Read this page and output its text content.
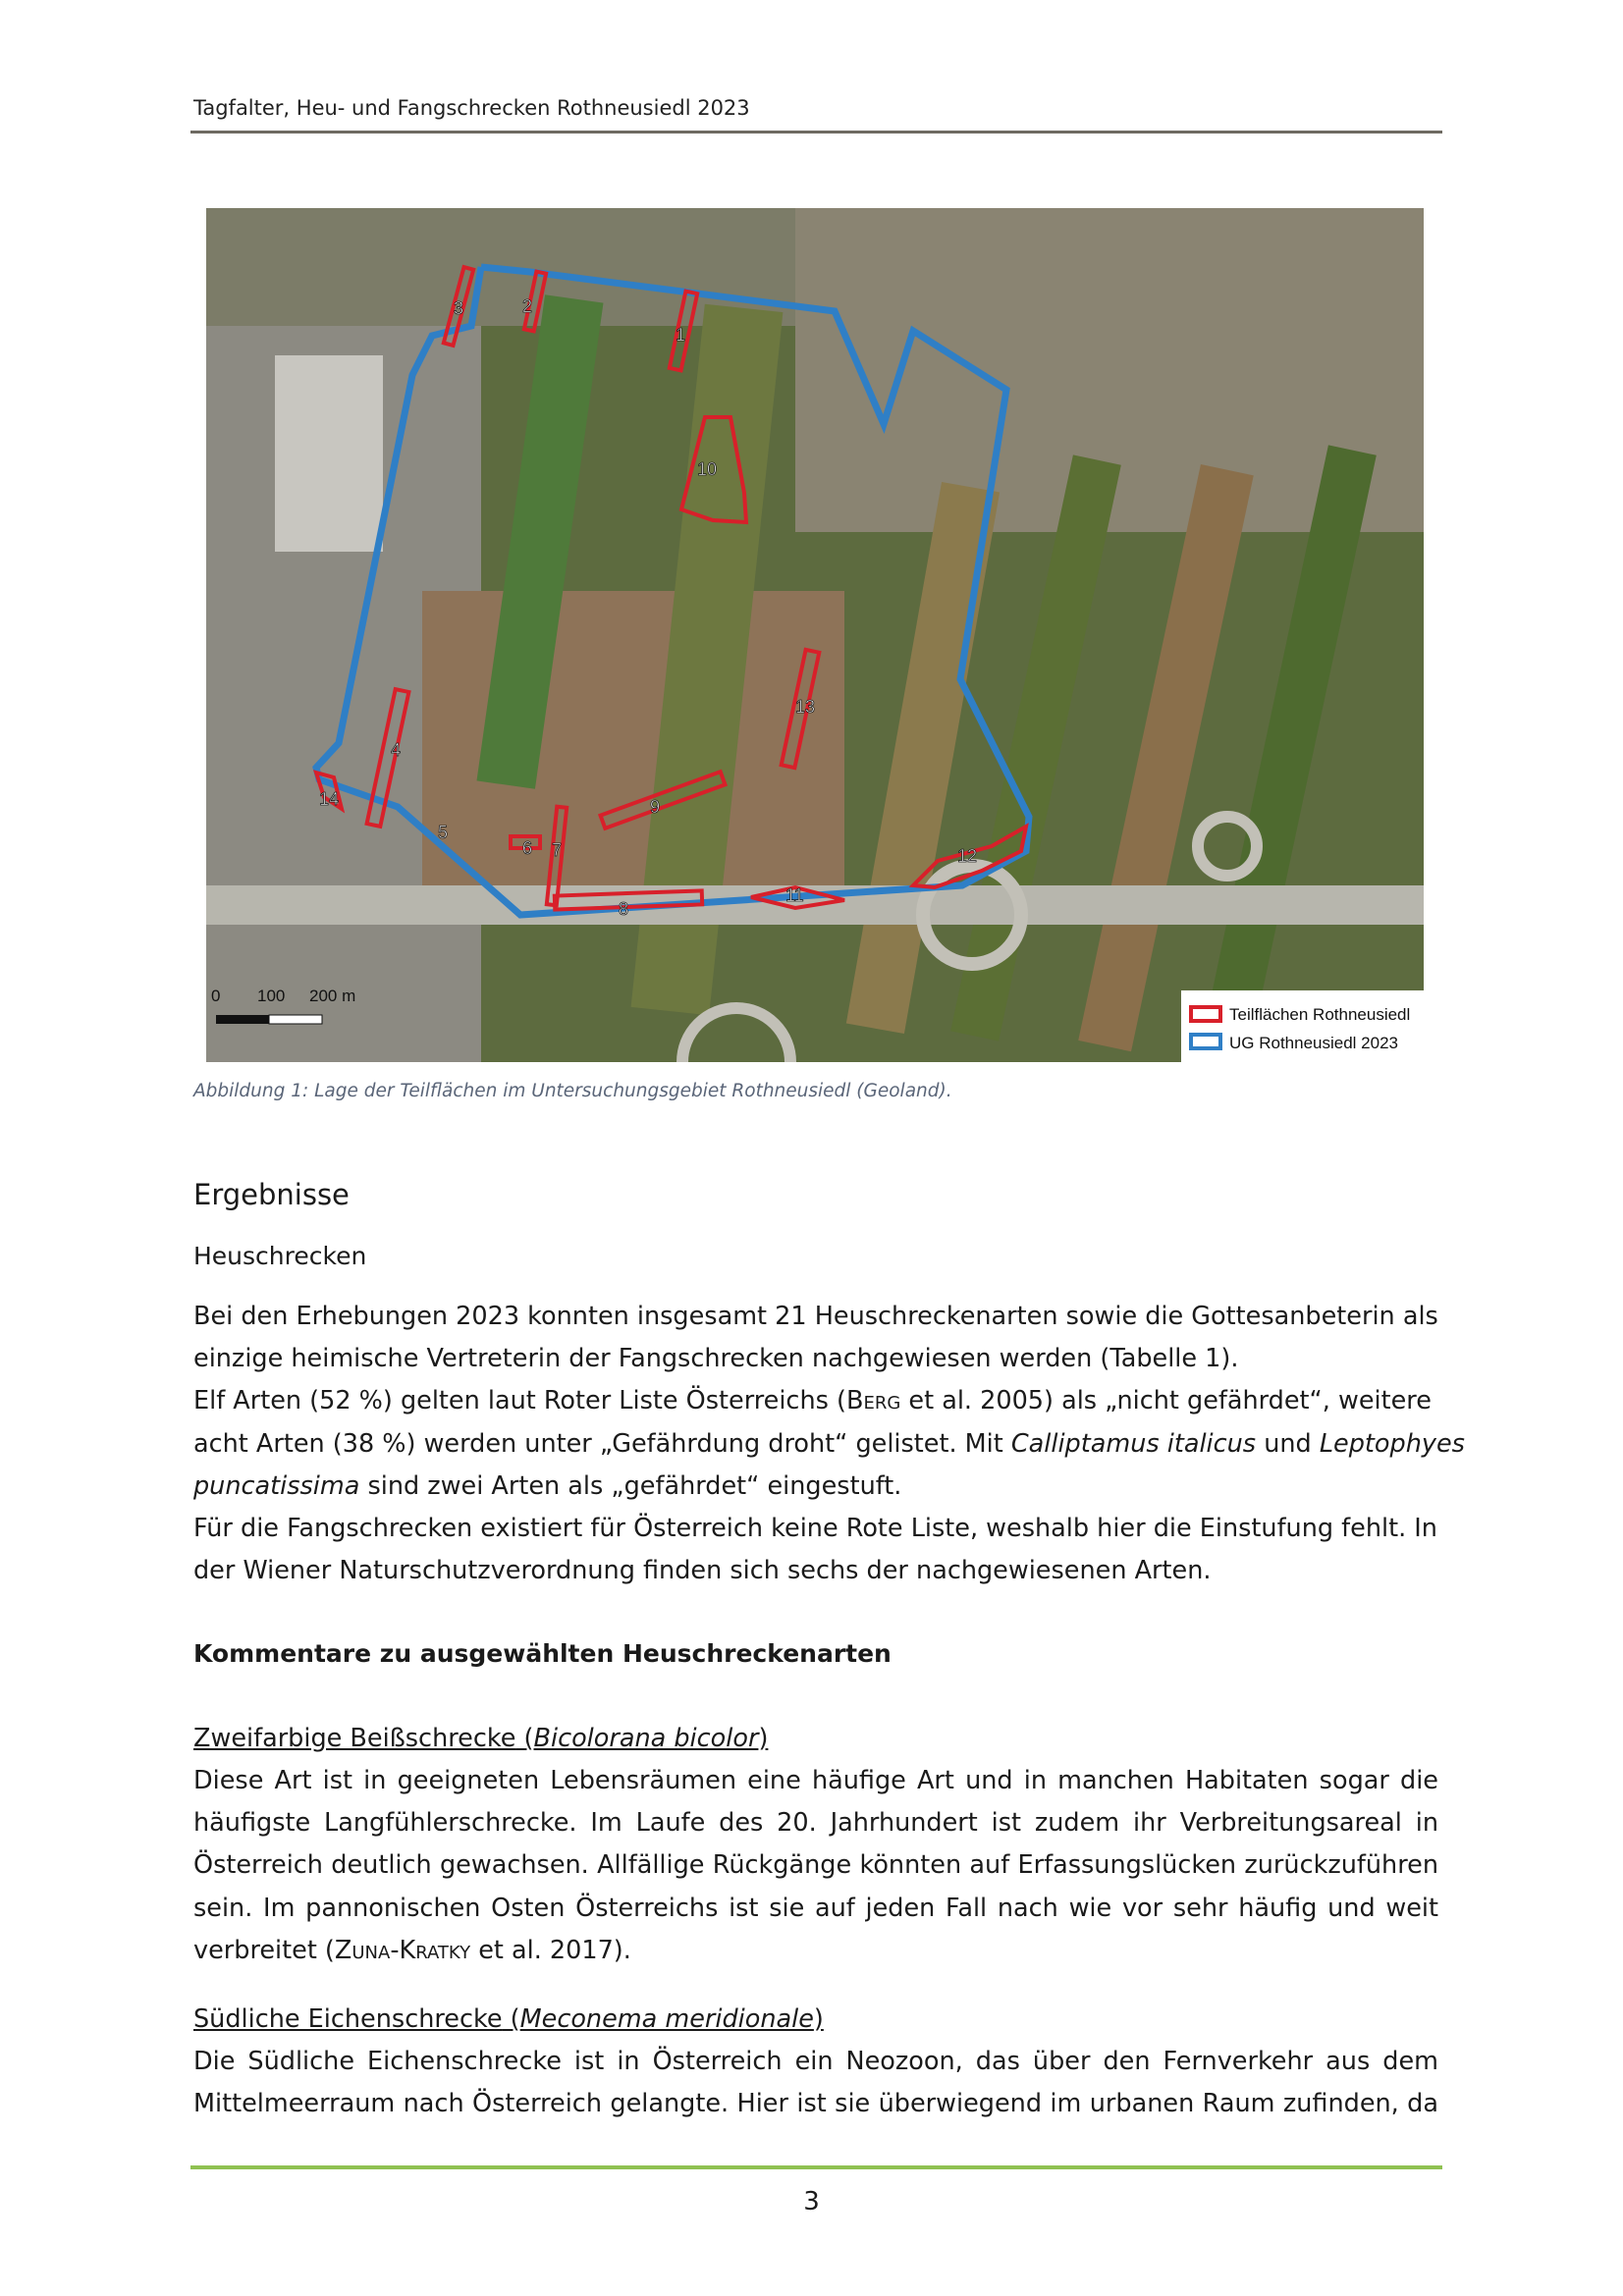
Tagfalter, Heu- und Fangschrecken Rothneusiedl 2023
1
2
3
4
5
6 7
8
9
10
11
12
13
14
0 100 200 m
Teilflächen Rothneusiedl
UG Rothneusiedl 2023
Abbildung 1: Lage der Teilflächen im Untersuchungsgebiet Rothneusiedl (Geoland).
Ergebnisse
Heuschrecken
Bei den Erhebungen 2023 konnten insgesamt 21 Heuschreckenarten sowie die Gottesanbeterin als
einzige heimische Vertreterin der Fangschrecken nachgewiesen werden (Tabelle 1).
Elf Arten (52 %) gelten laut Roter Liste Österreichs (Berg et al. 2005) als „nicht gefährdet“, weitere
acht Arten (38 %) werden unter „Gefährdung droht“ gelistet. Mit Calliptamus italicus und Leptophyes
puncatissima sind zwei Arten als „gefährdet“ eingestuft.
Für die Fangschrecken existiert für Österreich keine Rote Liste, weshalb hier die Einstufung fehlt. In
der Wiener Naturschutzverordnung finden sich sechs der nachgewiesenen Arten.
Kommentare zu ausgewählten Heuschreckenarten
Zweifarbige Beißschrecke (Bicolorana bicolor)
Diese Art ist in geeigneten Lebensräumen eine häufige Art und in manchen Habitaten sogar die häufigste Langfühlerschrecke. Im Laufe des 20. Jahrhundert ist zudem ihr Verbreitungsareal in Österreich deutlich gewachsen. Allfällige Rückgänge könnten auf Erfassungslücken zurückzuführen sein. Im pannonischen Osten Österreichs ist sie auf jeden Fall nach wie vor sehr häufig und weit verbreitet (Zuna-Kratky et al. 2017).
Südliche Eichenschrecke (Meconema meridionale)
Die Südliche Eichenschrecke ist in Österreich ein Neozoon, das über den Fernverkehr aus dem Mittelmeerraum nach Österreich gelangte. Hier ist sie überwiegend im urbanen Raum zufinden, da
3
